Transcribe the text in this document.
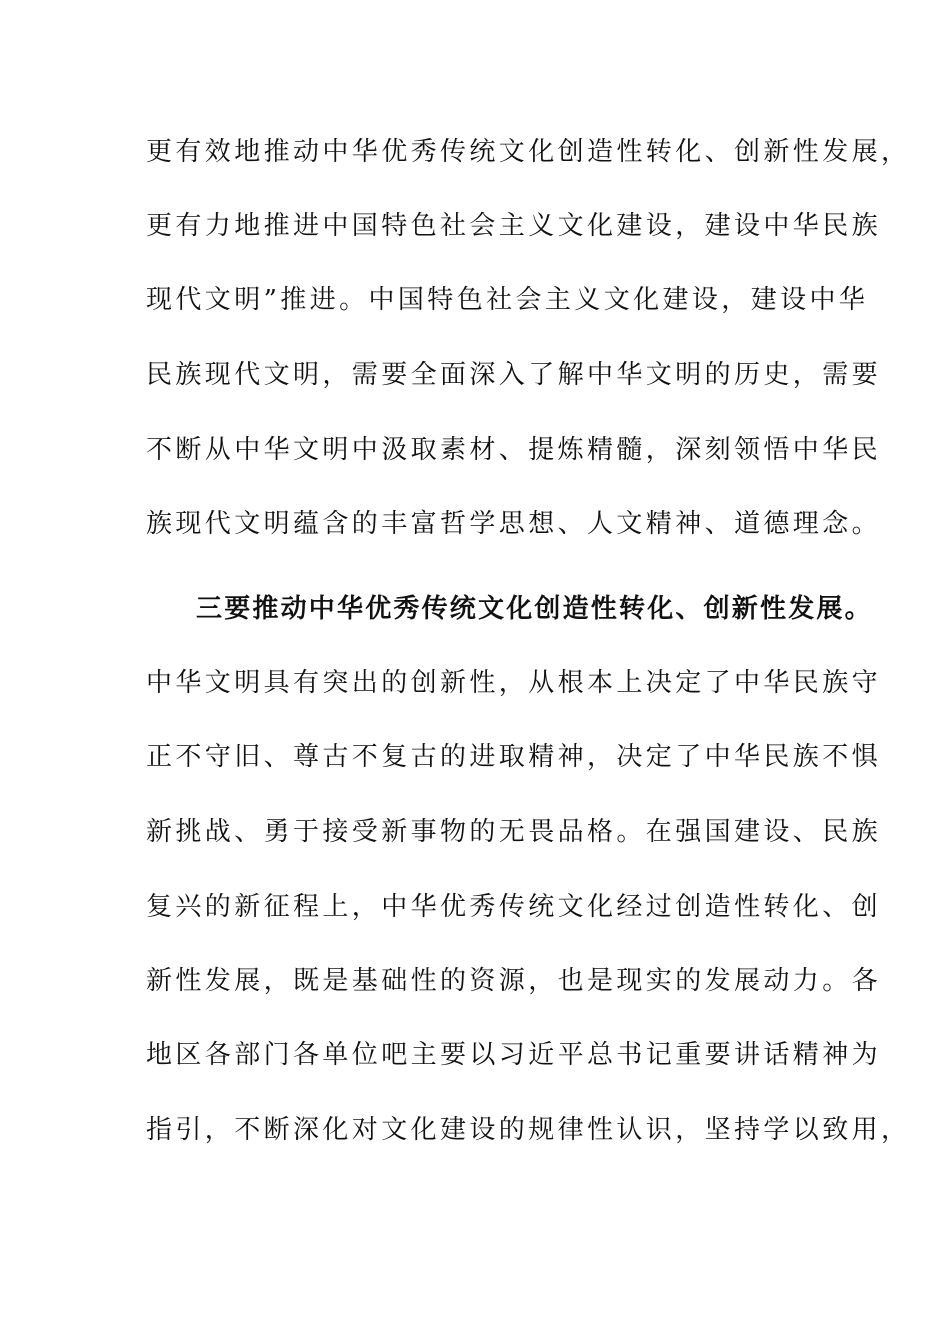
更有效地推动中华优秀传统文化创造性转化、创新性发展，
更有力地推进中国特色社会主义文化建设，建设中华民族
现代文明”推进。中国特色社会主义文化建设，建设中华
民族现代文明，需要全面深入了解中华文明的历史，需要
不断从中华文明中汲取素材、提炼精髓，深刻领悟中华民
族现代文明蕴含的丰富哲学思想、人文精神、道德理念。
三要推动中华优秀传统文化创造性转化、创新性发展。
中华文明具有突出的创新性，从根本上决定了中华民族守
正不守旧、尊古不复古的进取精神，决定了中华民族不惧
新挑战、勇于接受新事物的无畏品格。在强国建设、民族
复兴的新征程上，中华优秀传统文化经过创造性转化、创
新性发展，既是基础性的资源，也是现实的发展动力。各
地区各部门各单位吧主要以习近平总书记重要讲话精神为
指引，不断深化对文化建设的规律性认识，坚持学以致用，
